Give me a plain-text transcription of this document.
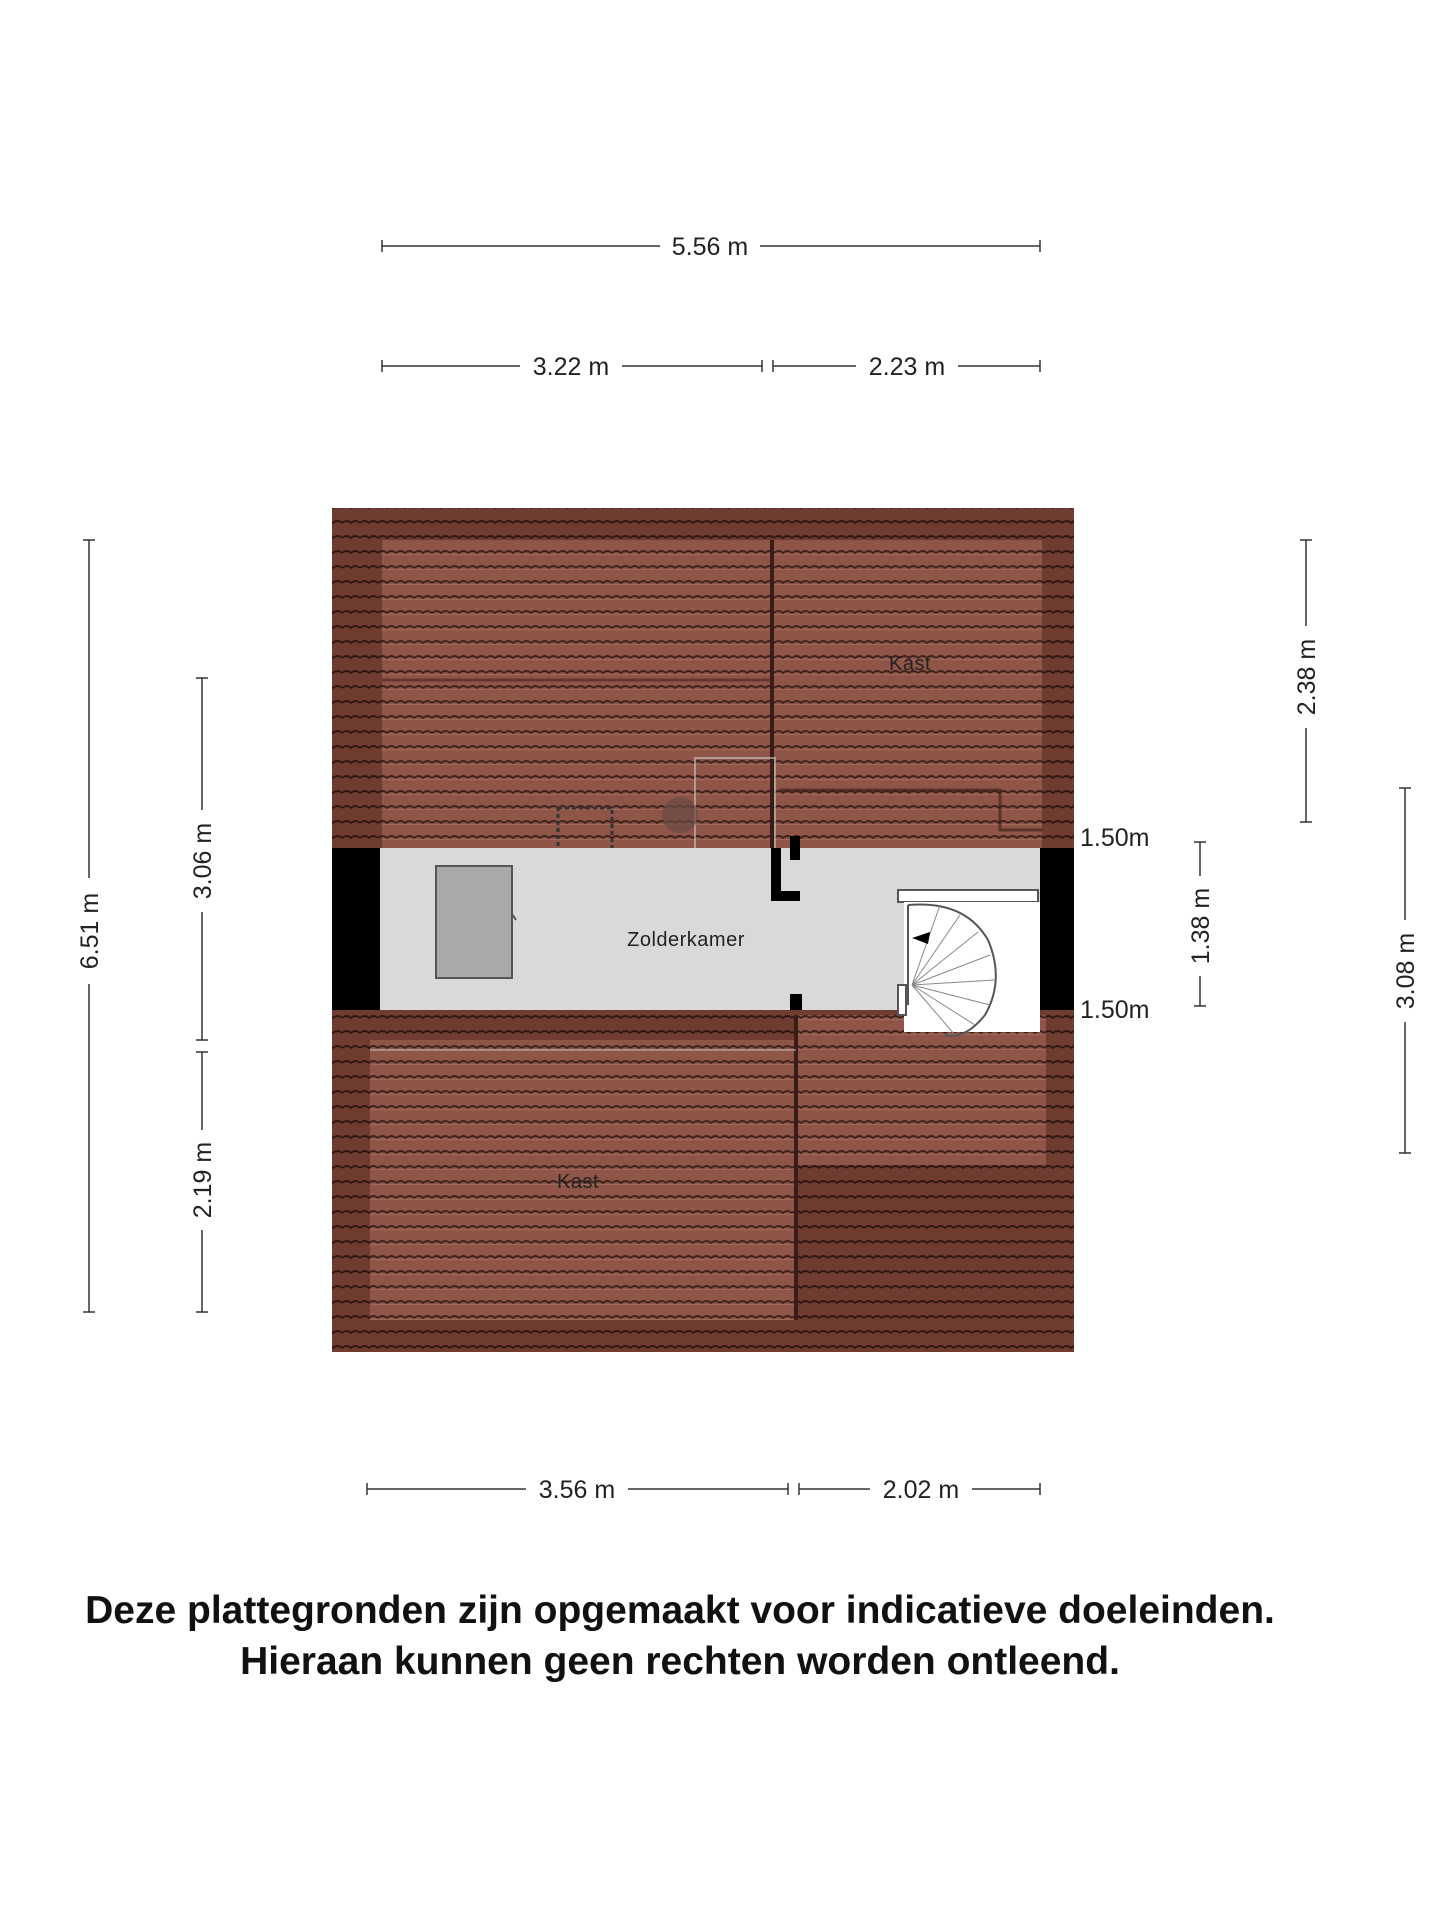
Zolderkamer
Kast
Kast
5.56 m
3.22 m	2.23 m
3.56 m	2.02 m
6.51 m
3.06 m
2.19 m
2.38 m
1.38 m
3.08 m
1.50m
1.50m
Deze plattegronden zijn opgemaakt voor indicatieve doeleinden.
Hieraan kunnen geen rechten worden ontleend.
